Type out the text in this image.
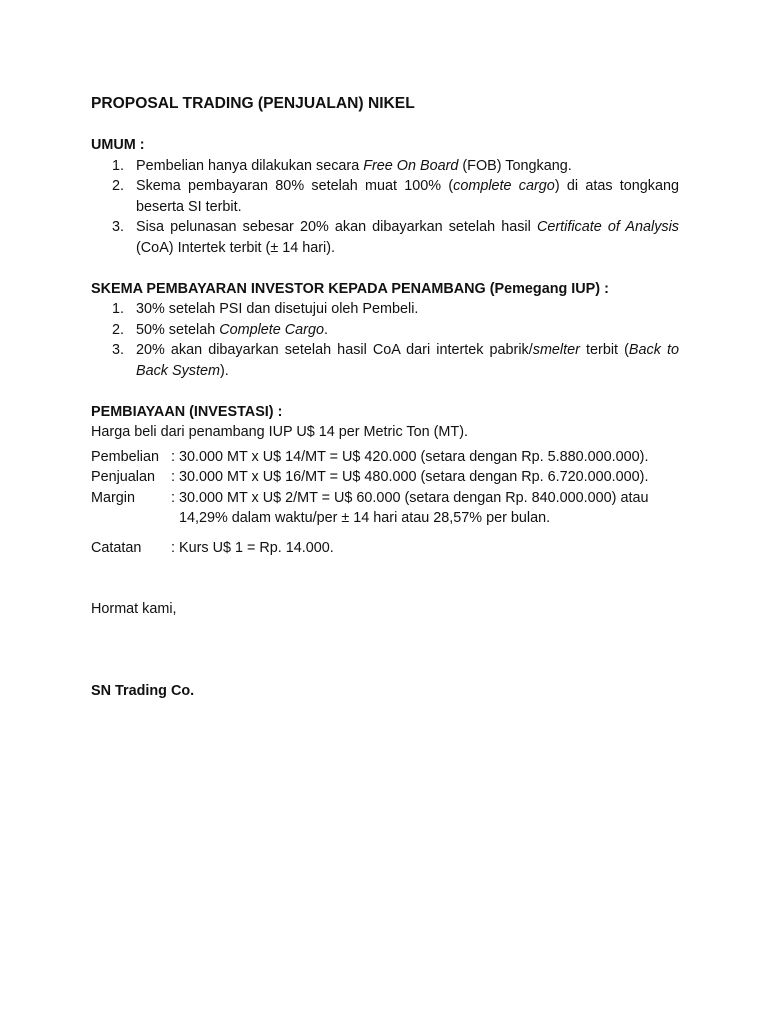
PROPOSAL TRADING (PENJUALAN) NIKEL
UMUM :
1. Pembelian hanya dilakukan secara Free On Board (FOB) Tongkang.
2. Skema pembayaran 80% setelah muat 100% (complete cargo) di atas tongkang beserta SI terbit.
3. Sisa pelunasan sebesar 20% akan dibayarkan setelah hasil Certificate of Analysis (CoA) Intertek terbit (± 14 hari).
SKEMA PEMBAYARAN INVESTOR KEPADA PENAMBANG (Pemegang IUP) :
1. 30% setelah PSI dan disetujui oleh Pembeli.
2. 50% setelah Complete Cargo.
3. 20% akan dibayarkan setelah hasil CoA dari intertek pabrik/smelter terbit (Back to Back System).
PEMBIAYAAN (INVESTASI) :
Harga beli dari penambang IUP U$ 14 per Metric Ton (MT).
Pembelian : 30.000 MT x U$ 14/MT = U$ 420.000 (setara dengan Rp. 5.880.000.000).
Penjualan	: 30.000 MT x U$ 16/MT = U$ 480.000 (setara dengan Rp. 6.720.000.000).
Margin	: 30.000 MT x U$ 2/MT = U$ 60.000 (setara dengan Rp. 840.000.000) atau 14,29% dalam waktu/per ± 14 hari atau 28,57% per bulan.
Catatan	: Kurs U$ 1 = Rp. 14.000.
Hormat kami,
SN Trading Co.
